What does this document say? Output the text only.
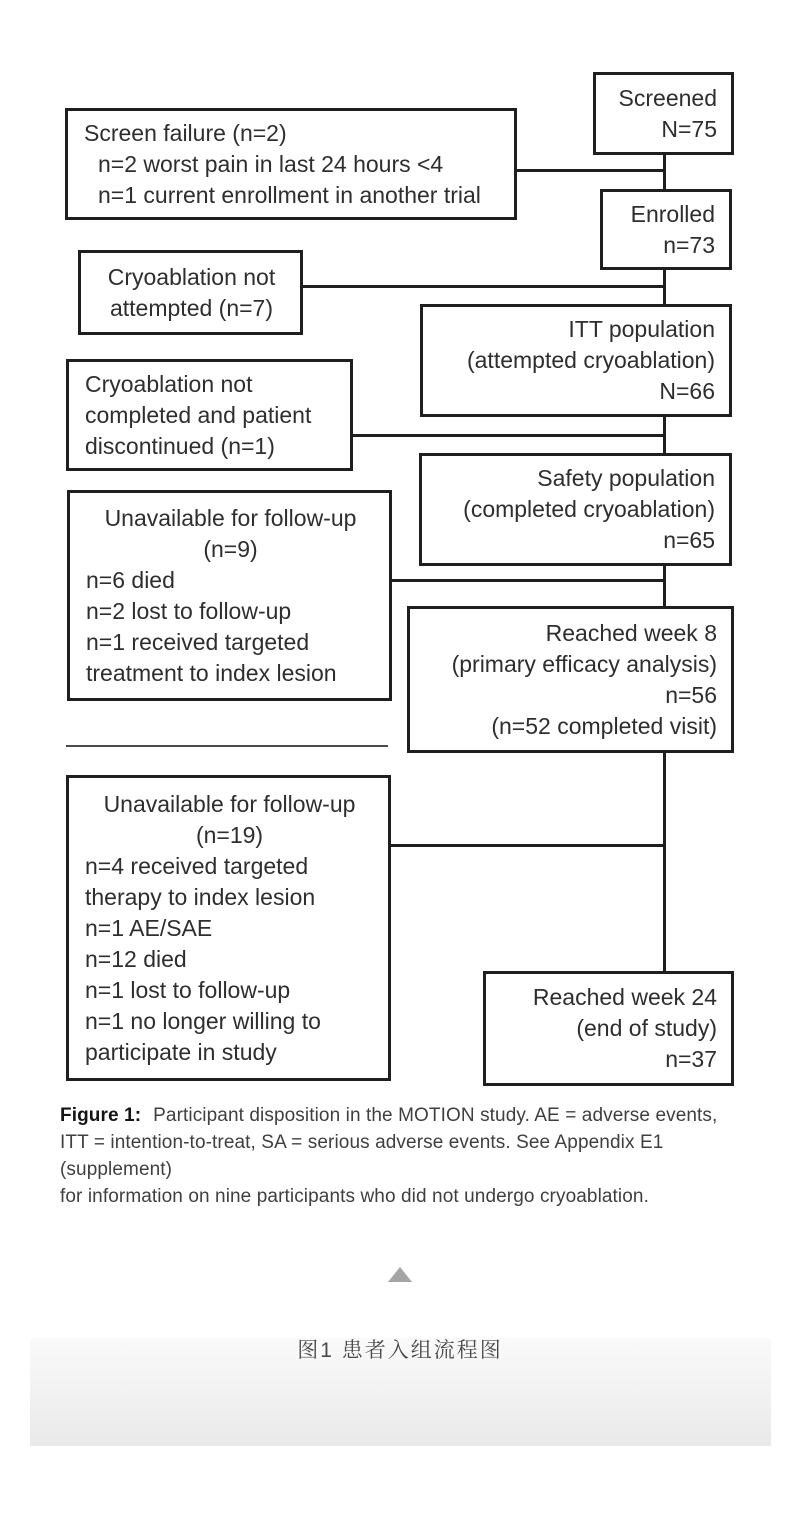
Screened
N=75
Screen failure (n=2)
n=2 worst pain in last 24 hours <4
n=1 current enrollment in another trial
Enrolled
n=73
Cryoablation not
attempted (n=7)
ITT population
(attempted cryoablation)
N=66
Cryoablation not
completed and patient
discontinued (n=1)
Safety population
(completed cryoablation)
n=65
Unavailable for follow-up
(n=9)
n=6 died
n=2 lost to follow-up
n=1 received targeted
treatment to index lesion
Reached week 8
(primary efficacy analysis)
n=56
(n=52 completed visit)
Unavailable for follow-up
(n=19)
n=4 received targeted
therapy to index lesion
n=1 AE/SAE
n=12 died
n=1 lost to follow-up
n=1 no longer willing to
participate in study
Reached week 24
(end of study)
n=37
Figure 1: Participant disposition in the MOTION study. AE = adverse events,
ITT = intention-to-treat, SA = serious adverse events. See Appendix E1 (supplement)
for information on nine participants who did not undergo cryoablation.
图1 患者入组流程图
